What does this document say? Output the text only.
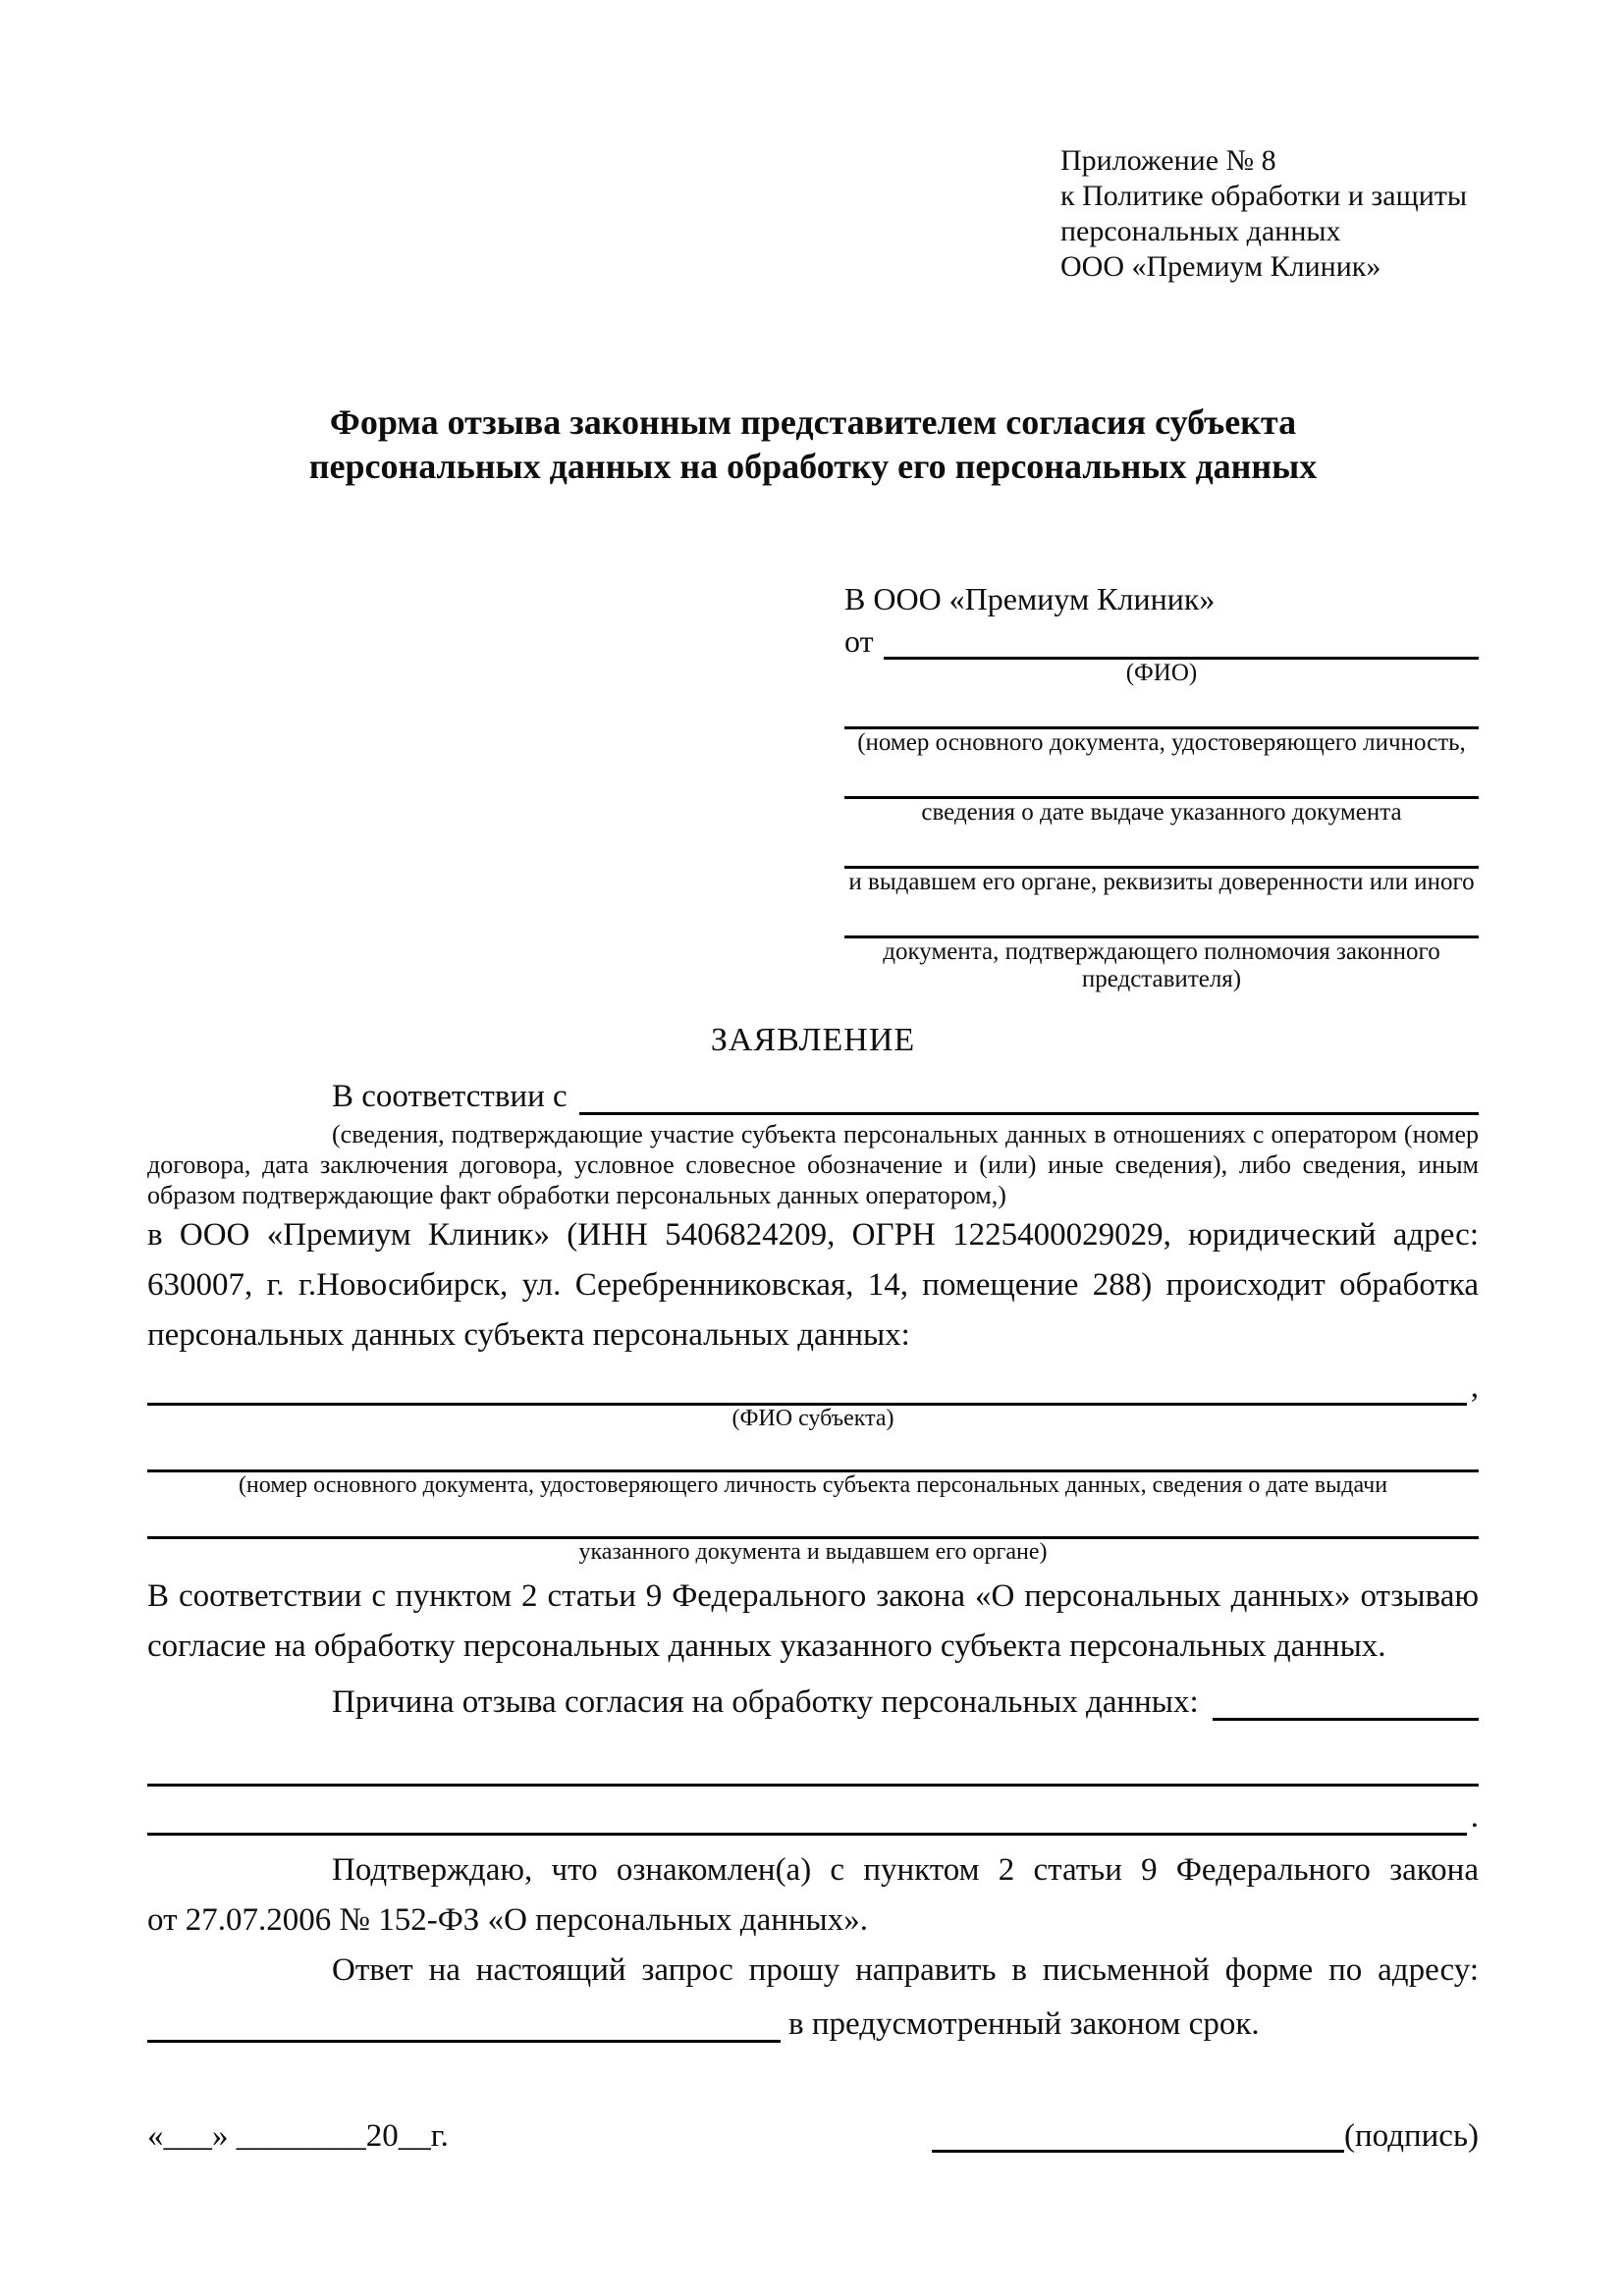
Приложение № 8
к Политике обработки и защиты
персональных данных
ООО «Премиум Клиник»
Форма отзыва законным представителем согласия субъекта персональных данных на обработку его персональных данных
В ООО «Премиум Клиник»
от
(ФИО)
(номер основного документа, удостоверяющего личность,
сведения о дате выдаче указанного документа
и выдавшем его органе, реквизиты доверенности или иного
документа, подтверждающего полномочия законного представителя)
ЗАЯВЛЕНИЕ
В соответствии с

(сведения, подтверждающие участие субъекта персональных данных в отношениях с оператором (номер договора, дата заключения договора, условное словесное обозначение и (или) иные сведения), либо сведения, иным образом подтверждающие факт обработки персональных данных оператором,)

в ООО «Премиум Клиник» (ИНН 5406824209, ОГРН 1225400029029, юридический адрес: 630007, г. г.Новосибирск, ул. Серебренниковская, 14, помещение 288) происходит обработка персональных данных субъекта персональных данных:

,
(ФИО субъекта)
(номер основного документа, удостоверяющего личность субъекта персональных данных, сведения о дате выдачи
указанного документа и выдавшем его органе)

В соответствии с пунктом 2 статьи 9 Федерального закона «О персональных данных» отзываю согласие на обработку персональных данных указанного субъекта персональных данных.

Причина отзыва согласия на обработку персональных данных:
.

Подтверждаю, что ознакомлен(а) с пунктом 2 статьи 9 Федерального закона

от 27.07.2006 № 152-ФЗ «О персональных данных».

Ответ на настоящий запрос прошу направить в письменной форме по адресу:

в предусмотренный законом срок.
«___» ________20__г.	(подпись)
